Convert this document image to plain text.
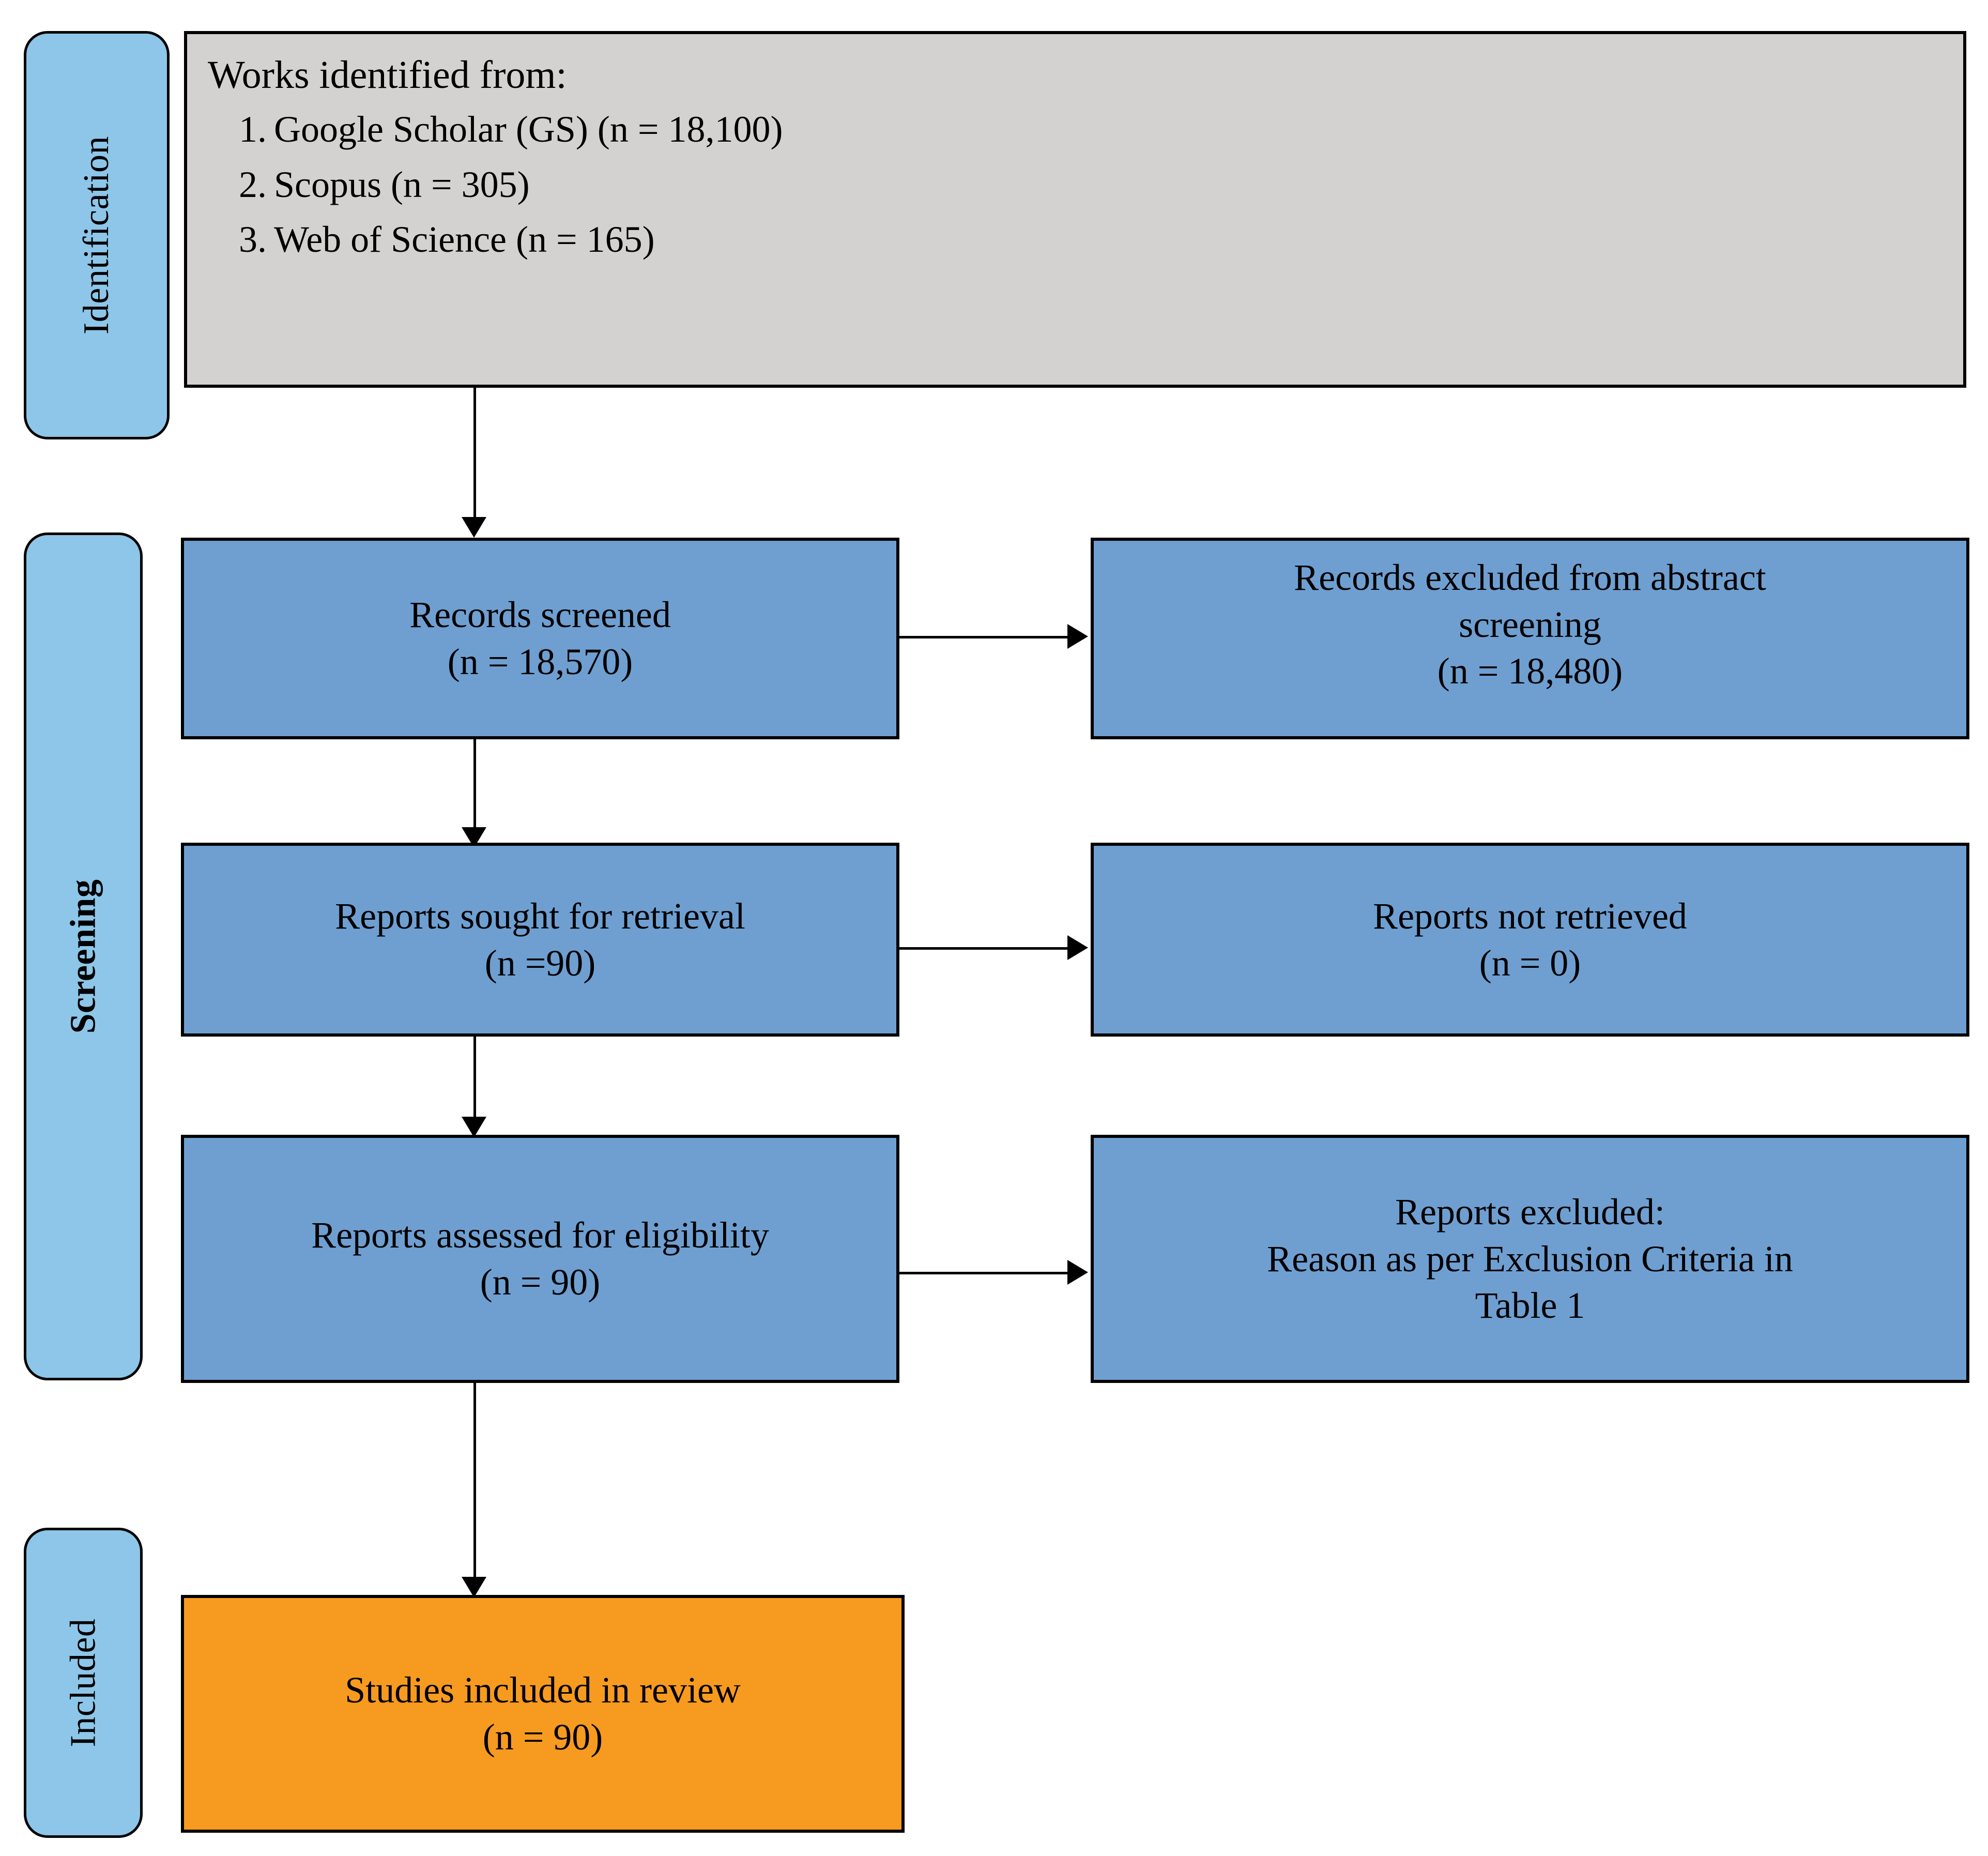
Identification
Screening
Included
Works identified from:
1. Google Scholar (GS) (n = 18,100)
2. Scopus (n = 305)
3. Web of Science (n = 165)
Records screened
(n = 18,570)
Records excluded from abstract
screening
(n = 18,480)
Reports sought for retrieval
(n =90)
Reports not retrieved
(n = 0)
Reports assessed for eligibility
(n = 90)
Reports excluded:
Reason as per Exclusion Criteria in
Table 1
Studies included in review
(n = 90)
